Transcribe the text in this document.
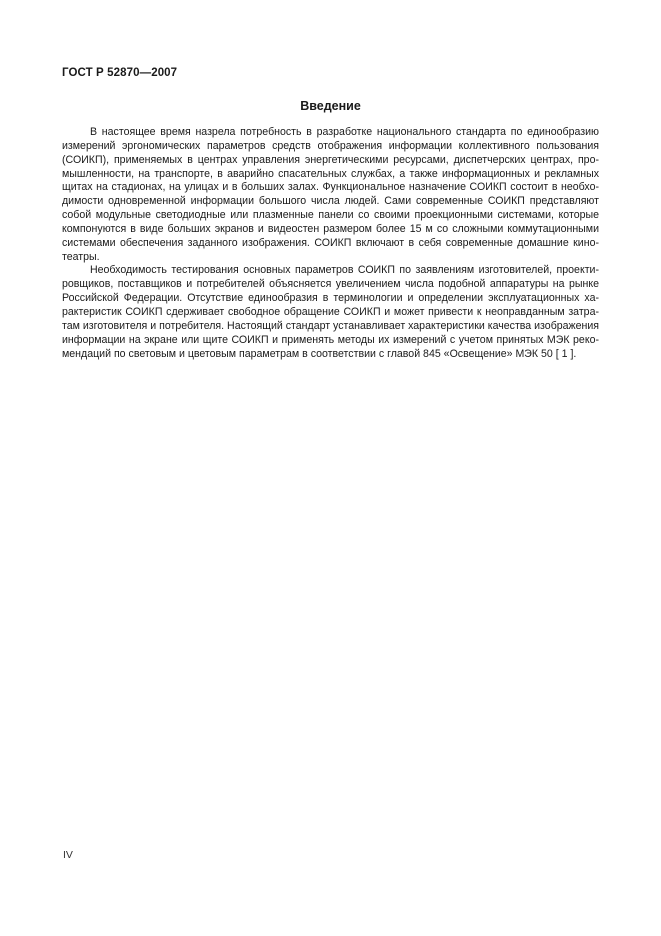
ГОСТ Р 52870—2007
Введение
В настоящее время назрела потребность в разработке национального стандарта по единообразию
измерений эргономических параметров средств отображения информации коллективного пользования
(СОИКП), применяемых в центрах управления энергетическими ресурсами, диспетчерских центрах, про-
мышленности, на транспорте, в аварийно спасательных службах, а также информационных и рекламных
щитах на стадионах, на улицах и в больших залах. Функциональное назначение СОИКП состоит в необхо-
димости одновременной информации большого числа людей. Сами современные СОИКП представляют
собой модульные светодиодные или плазменные панели со своими проекционными системами, которые
компонуются в виде больших экранов и видеостен размером более 15 м со сложными коммутационными
системами обеспечения заданного изображения. СОИКП включают в себя современные домашние кино-
театры.
Необходимость тестирования основных параметров СОИКП по заявлениям изготовителей, проекти-
ровщиков, поставщиков и потребителей объясняется увеличением числа подобной аппаратуры на рынке
Российской Федерации. Отсутствие единообразия в терминологии и определении эксплуатационных ха-
рактеристик СОИКП сдерживает свободное обращение СОИКП и может привести к неоправданным затра-
там изготовителя и потребителя. Настоящий стандарт устанавливает характеристики качества изображения
информации на экране или щите СОИКП и применять методы их измерений с учетом принятых МЭК реко-
мендаций по световым и цветовым параметрам в соответствии с главой 845 «Освещение» МЭК 50 [ 1 ].
IV
